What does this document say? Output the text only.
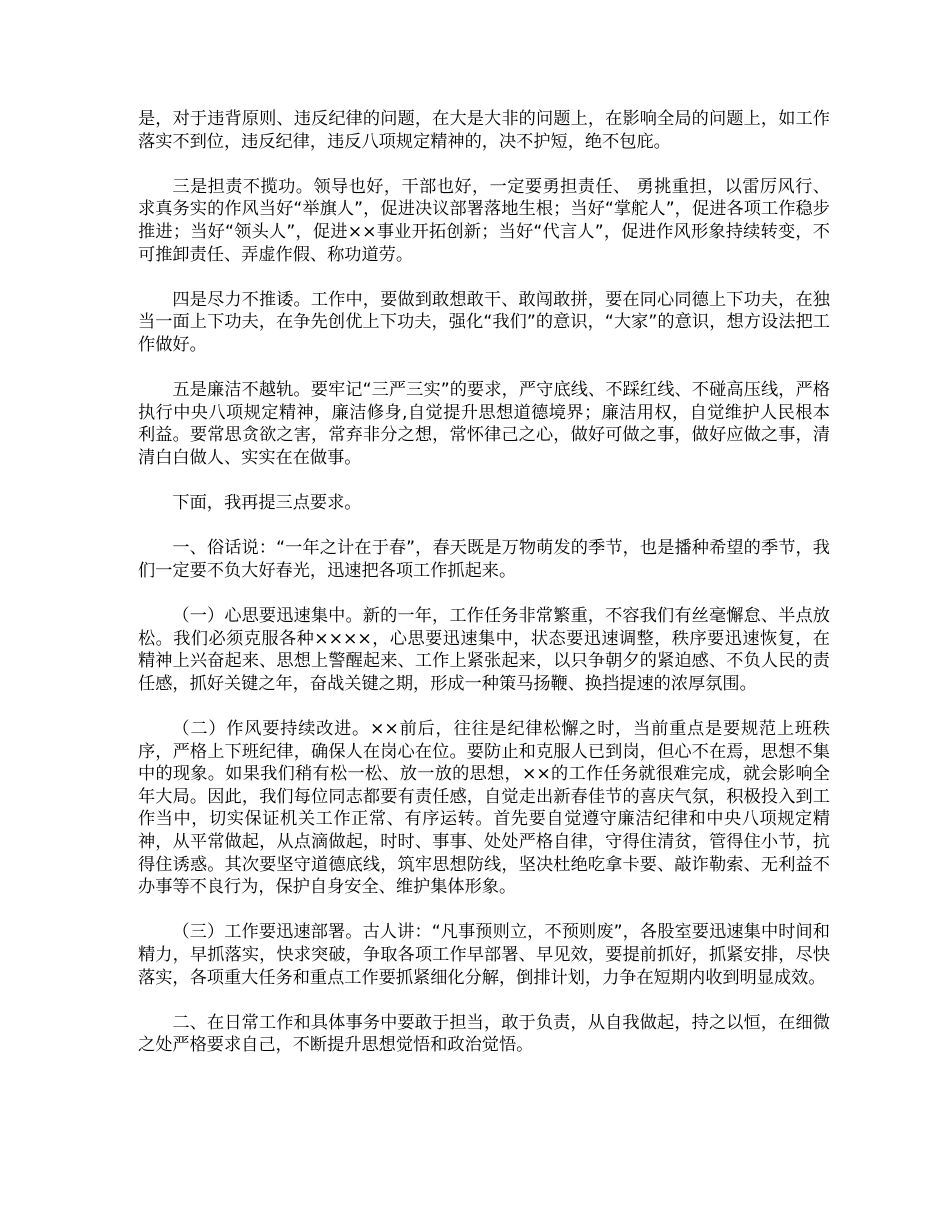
是，对于违背原则、违反纪律的问题，在大是大非的问题上，在影响全局的问题上，如工作落实不到位，违反纪律，违反八项规定精神的，决不护短，绝不包庇。

三是担责不揽功。领导也好，干部也好，一定要勇担责任、 勇挑重担，以雷厉风行、求真务实的作风当好“举旗人”，促进决议部署落地生根；当好“掌舵人”，促进各项工作稳步推进；当好“领头人”，促进××事业开拓创新；当好“代言人”，促进作风形象持续转变，不可推卸责任、弄虚作假、称功道劳。

四是尽力不推诿。工作中，要做到敢想敢干、敢闯敢拼，要在同心同德上下功夫，在独当一面上下功夫，在争先创优上下功夫，强化“我们”的意识，“大家”的意识，想方设法把工作做好。

五是廉洁不越轨。要牢记“三严三实”的要求，严守底线、不踩红线、不碰高压线，严格执行中央八项规定精神，廉洁修身,自觉提升思想道德境界；廉洁用权，自觉维护人民根本利益。要常思贪欲之害，常弃非分之想，常怀律己之心，做好可做之事，做好应做之事，清清白白做人、实实在在做事。

下面，我再提三点要求。

一、俗话说：“一年之计在于春”，春天既是万物萌发的季节，也是播种希望的季节，我们一定要不负大好春光，迅速把各项工作抓起来。

（一）心思要迅速集中。新的一年，工作任务非常繁重，不容我们有丝毫懈怠、半点放松。我们必须克服各种××××，心思要迅速集中，状态要迅速调整，秩序要迅速恢复，在精神上兴奋起来、思想上警醒起来、工作上紧张起来，以只争朝夕的紧迫感、不负人民的责任感，抓好关键之年，奋战关键之期，形成一种策马扬鞭、换挡提速的浓厚氛围。

（二）作风要持续改进。××前后，往往是纪律松懈之时，当前重点是要规范上班秩序，严格上下班纪律，确保人在岗心在位。要防止和克服人已到岗，但心不在焉，思想不集中的现象。如果我们稍有松一松、放一放的思想，××的工作任务就很难完成，就会影响全年大局。因此，我们每位同志都要有责任感，自觉走出新春佳节的喜庆气氛，积极投入到工作当中，切实保证机关工作正常、有序运转。首先要自觉遵守廉洁纪律和中央八项规定精神，从平常做起，从点滴做起，时时、事事、处处严格自律，守得住清贫，管得住小节，抗得住诱惑。其次要坚守道德底线，筑牢思想防线，坚决杜绝吃拿卡要、敲诈勒索、无利益不办事等不良行为，保护自身安全、维护集体形象。

（三）工作要迅速部署。古人讲：“凡事预则立，不预则废”，各股室要迅速集中时间和精力，早抓落实，快求突破，争取各项工作早部署、早见效，要提前抓好，抓紧安排，尽快落实，各项重大任务和重点工作要抓紧细化分解，倒排计划，力争在短期内收到明显成效。

二、在日常工作和具体事务中要敢于担当，敢于负责，从自我做起，持之以恒，在细微之处严格要求自己，不断提升思想觉悟和政治觉悟。
